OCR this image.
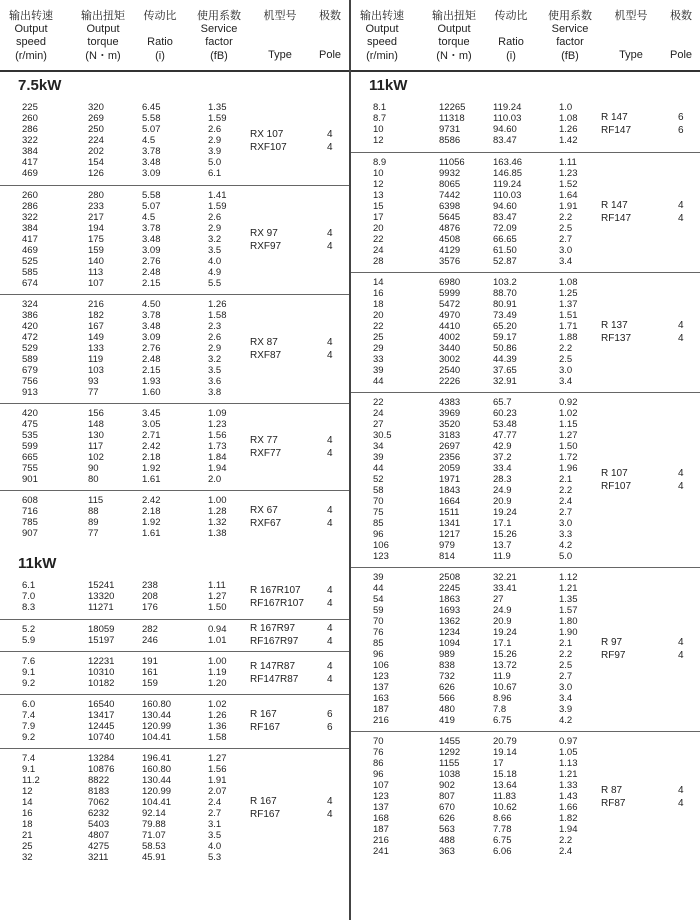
输出转速
Output
speed
(r/min)
输出扭矩
Output
torque
(N・m)
传动比
Ratio
(i)
使用系数
Service
factor
(fB)
机型号
Type
极数
Pole
7.5kW
225	320	6.45	1.35
260	269	5.58	1.59
286	250	5.07	2.6
322	224	4.5	2.9
384	202	3.78	3.9
417	154	3.48	5.0
469	126	3.09	6.1
RX 107	4
RXF107	4
260	280	5.58	1.41
286	233	5.07	1.59
322	217	4.5	2.6
384	194	3.78	2.9
417	175	3.48	3.2
469	159	3.09	3.5
525	140	2.76	4.0
585	113	2.48	4.9
674	107	2.15	5.5
RX 97	4
RXF97	4
324	216	4.50	1.26
386	182	3.78	1.58
420	167	3.48	2.3
472	149	3.09	2.6
529	133	2.76	2.9
589	119	2.48	3.2
679	103	2.15	3.5
756	93	1.93	3.6
913	77	1.60	3.8
RX 87	4
RXF87	4
420	156	3.45	1.09
475	148	3.05	1.23
535	130	2.71	1.56
599	117	2.42	1.73
665	102	2.18	1.84
755	90	1.92	1.94
901	80	1.61	2.0
RX 77	4
RXF77	4
608	115	2.42	1.00
716	88	2.18	1.28
785	89	1.92	1.32
907	77	1.61	1.38
RX 67	4
RXF67	4
11kW
6.1	15241	238	1.11
7.0	13320	208	1.27
8.3	11271	176	1.50
R 167R107	4
RF167R107 4
5.2	18059	282	0.94
5.9	15197	246	1.01
R 167R97	4
RF167R97	4
7.6	12231	191	1.00
9.1	10310	161	1.19
9.2	10182	159	1.20
R 147R87	4
RF147R87	4
6.0	16540	160.80	1.02
7.4	13417	130.44	1.26
7.9	12445	120.99	1.36
9.2	10740	104.41	1.58
R 167	6
RF167	6
7.4	13284	196.41	1.27
9.1	10876	160.80	1.56
11.2	8822	130.44	1.91
12	8183	120.99	2.07
14	7062	104.41	2.4
16	6232	92.14	2.7
18	5403	79.88	3.1
21	4807	71.07	3.5
25	4275	58.53	4.0
32	3211	45.91	5.3
R 167	4
RF167	4
输出转速
Output
speed
(r/min)
输出扭矩
Output
torque
(N・m)
传动比
Ratio
(i)
使用系数
Service
factor
(fB)
机型号
Type
极数
Pole
11kW
8.1	12265	119.24	1.0
8.7	11318	110.03	1.08
10	9731	94.60	1.26
12	8586	83.47	1.42
R 147	6
RF147	6
8.9	11056	163.46	1.11
10	9932	146.85	1.23
12	8065	119.24	1.52
13	7442	110.03	1.64
15	6398	94.60	1.91
17	5645	83.47	2.2
20	4876	72.09	2.5
22	4508	66.65	2.7
24	4129	61.50	3.0
28	3576	52.87	3.4
R 147	4
RF147	4
14	6980	103.2	1.08
16	5999	88.70	1.25
18	5472	80.91	1.37
20	4970	73.49	1.51
22	4410	65.20	1.71
25	4002	59.17	1.88
29	3440	50.86	2.2
33	3002	44.39	2.5
39	2540	37.65	3.0
44	2226	32.91	3.4
R 137	4
RF137	4
22	4383	65.7	0.92
24	3969	60.23	1.02
27	3520	53.48	1.15
30.5	3183	47.77	1.27
34	2697	42.9	1.50
39	2356	37.2	1.72
44	2059	33.4	1.96
52	1971	28.3	2.1
58	1843	24.9	2.2
70	1664	20.9	2.4
75	1511	19.24	2.7
85	1341	17.1	3.0
96	1217	15.26	3.3
106	979	13.7	4.2
123	814	11.9	5.0
R 107	4
RF107	4
39	2508	32.21	1.12
44	2245	33.41	1.21
54	1863	27	1.35
59	1693	24.9	1.57
70	1362	20.9	1.80
76	1234	19.24	1.90
85	1094	17.1	2.1
96	989	15.26	2.2
106	838	13.72	2.5
123	732	11.9	2.7
137	626	10.67	3.0
163	566	8.96	3.4
187	480	7.8	3.9
216	419	6.75	4.2
R 97	4
RF97	4
70	1455	20.79	0.97
76	1292	19.14	1.05
86	1155	17	1.13
96	1038	15.18	1.21
107	902	13.64	1.33
123	807	11.83	1.43
137	670	10.62	1.66
168	626	8.66	1.82
187	563	7.78	1.94
216	488	6.75	2.2
241	363	6.06	2.4
R 87	4
RF87	4
